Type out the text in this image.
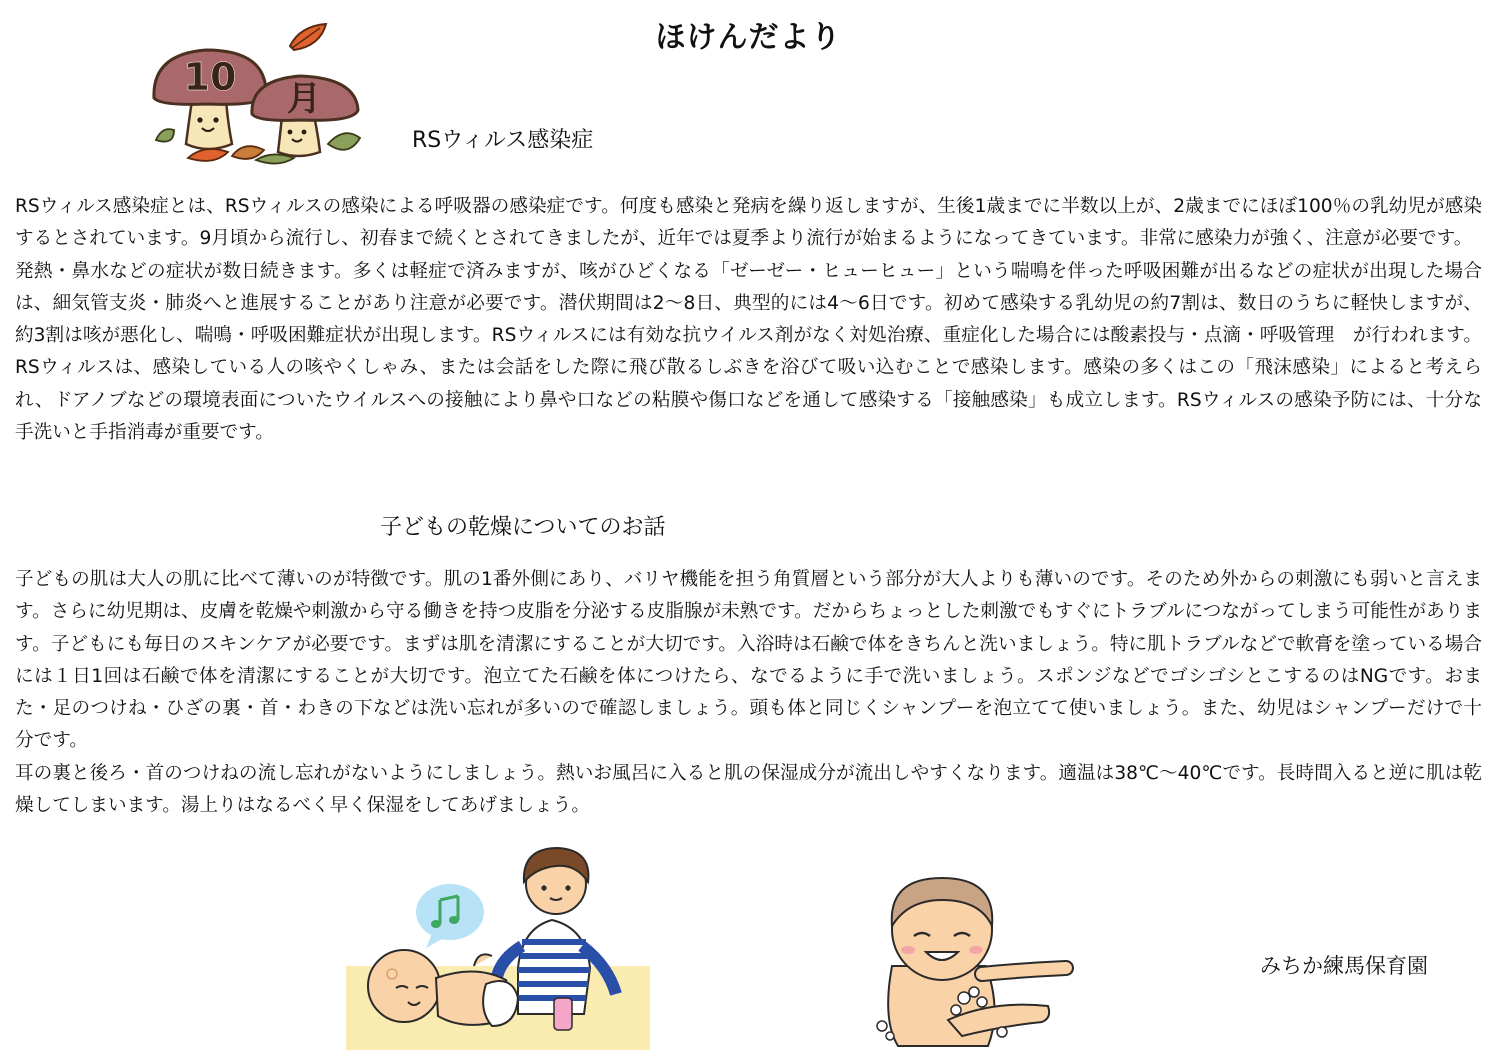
ほけんだより
10 月
RSウィルス感染症

RSウィルス感染症とは、RSウィルスの感染による呼吸器の感染症です。何度も感染と発病を繰り返しますが、生後1歳までに半数以上が、2歳までにほぼ100％の乳幼児が感染するとされています。9月頃から流行し、初春まで続くとされてきましたが、近年では夏季より流行が始まるようになってきています。非常に感染力が強く、注意が必要です。

発熱・鼻水などの症状が数日続きます。多くは軽症で済みますが、咳がひどくなる「ゼーゼー・ヒューヒュー」という喘鳴を伴った呼吸困難が出るなどの症状が出現した場合は、細気管支炎・肺炎へと進展することがあり注意が必要です。潜伏期間は2～8日、典型的には4～6日です。初めて感染する乳幼児の約7割は、数日のうちに軽快しますが、約3割は咳が悪化し、喘鳴・呼吸困難症状が出現します。RSウィルスには有効な抗ウイルス剤がなく対処治療、重症化した場合には酸素投与・点滴・呼吸管理　が行われます。RSウィルスは、感染している人の咳やくしゃみ、または会話をした際に飛び散るしぶきを浴びて吸い込むことで感染します。感染の多くはこの「飛沫感染」によると考えられ、ドアノブなどの環境表面についたウイルスへの接触により鼻や口などの粘膜や傷口などを通して感染する「接触感染」も成立します。RSウィルスの感染予防には、十分な手洗いと手指消毒が重要です。

子どもの乾燥についてのお話

子どもの肌は大人の肌に比べて薄いのが特徴です。肌の1番外側にあり、バリヤ機能を担う角質層という部分が大人よりも薄いのです。そのため外からの刺激にも弱いと言えます。さらに幼児期は、皮膚を乾燥や刺激から守る働きを持つ皮脂を分泌する皮脂腺が未熟です。だからちょっとした刺激でもすぐにトラブルにつながってしまう可能性があります。子どもにも毎日のスキンケアが必要です。まずは肌を清潔にすることが大切です。入浴時は石鹸で体をきちんと洗いましょう。特に肌トラブルなどで軟膏を塗っている場合には１日1回は石鹸で体を清潔にすることが大切です。泡立てた石鹸を体につけたら、なでるように手で洗いましょう。スポンジなどでゴシゴシとこするのはNGです。おまた・足のつけね・ひざの裏・首・わきの下などは洗い忘れが多いので確認しましょう。頭も体と同じくシャンプーを泡立てて使いましょう。また、幼児はシャンプーだけで十分です。

耳の裏と後ろ・首のつけねの流し忘れがないようにしましょう。熱いお風呂に入ると肌の保湿成分が流出しやすくなります。適温は38℃～40℃です。長時間入ると逆に肌は乾燥してしまいます。湯上りはなるべく早く保湿をしてあげましょう。

みちか練馬保育園
